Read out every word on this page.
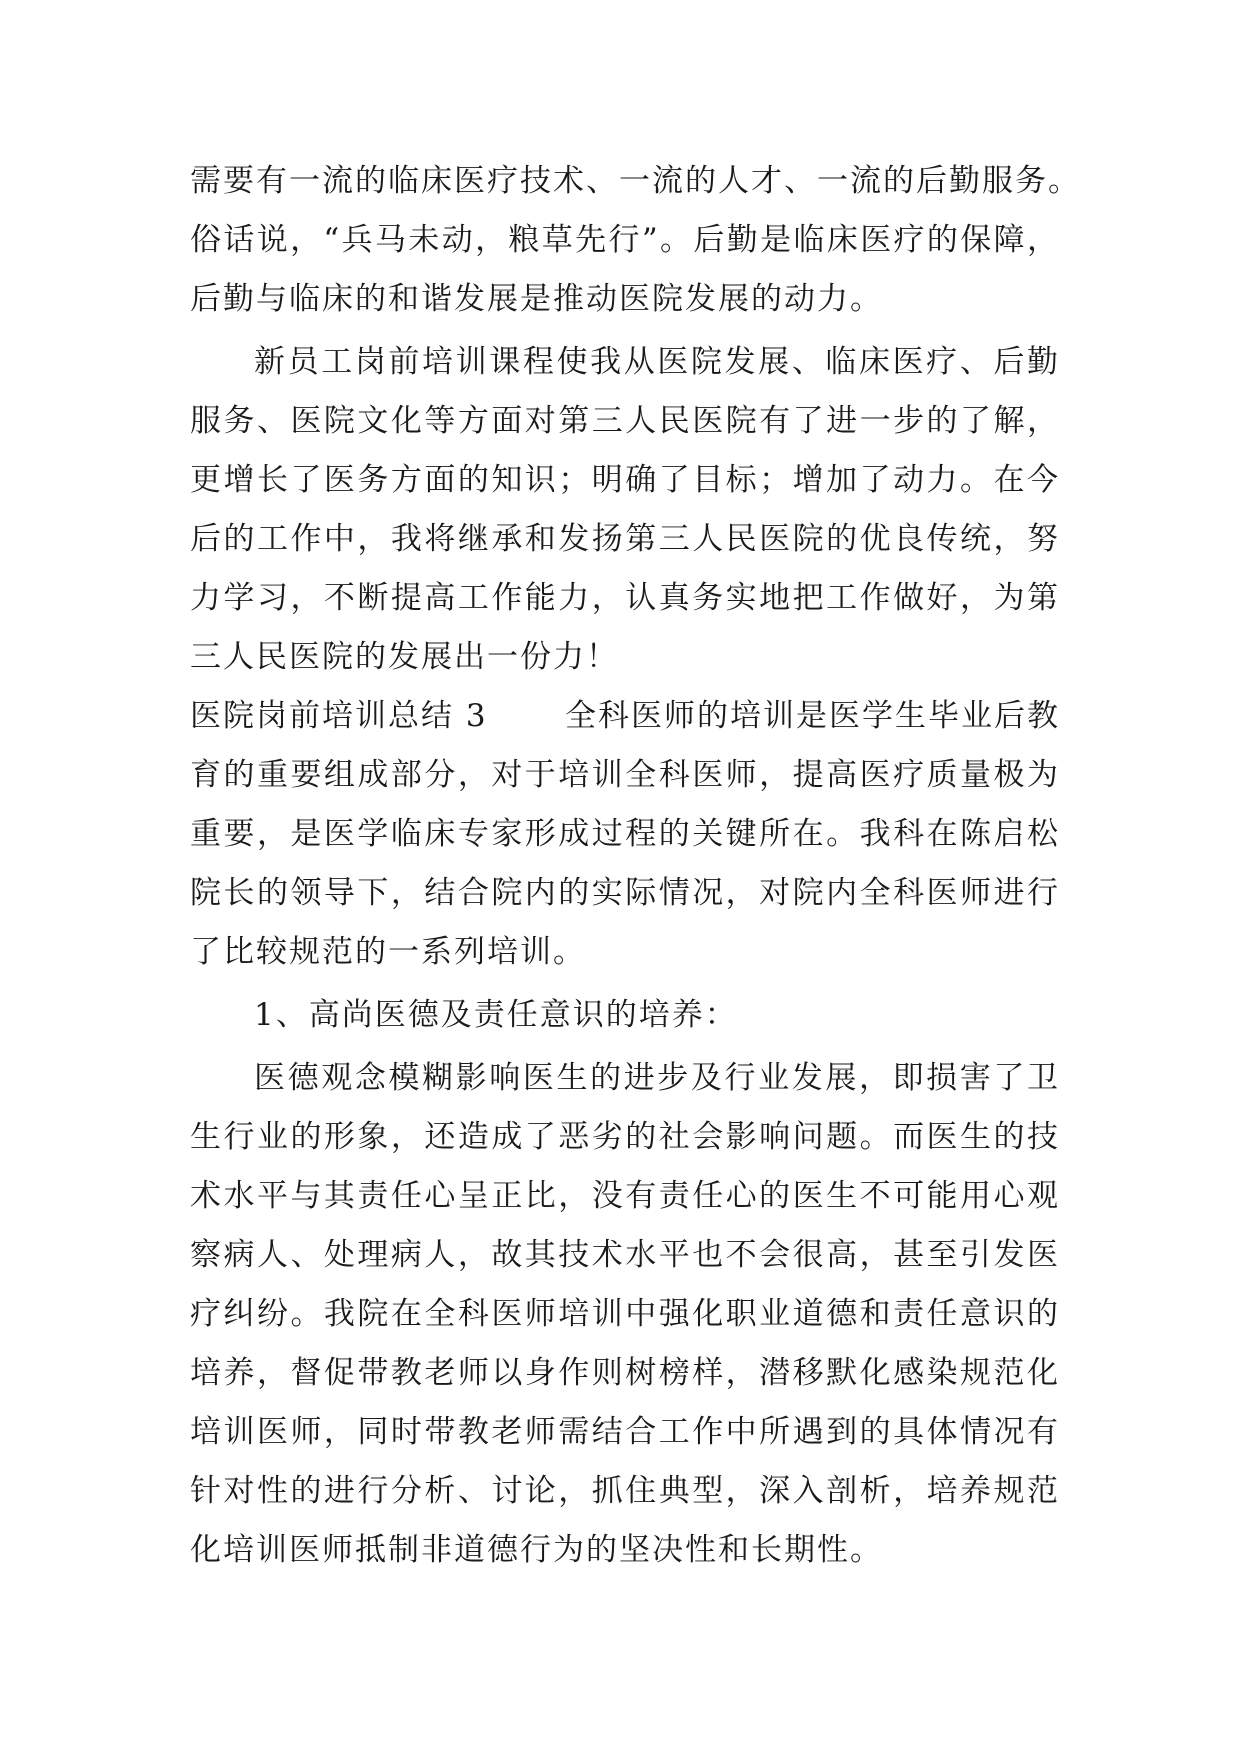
需要有一流的临床医疗技术、一流的人才、一流的后勤服务。
俗话说，“兵马未动，粮草先行”。后勤是临床医疗的保障，
后勤与临床的和谐发展是推动医院发展的动力。
新员工岗前培训课程使我从医院发展、临床医疗、后勤
服务、医院文化等方面对第三人民医院有了进一步的了解，
更增长了医务方面的知识；明确了目标；增加了动力。在今
后的工作中，我将继承和发扬第三人民医院的优良传统，努
力学习，不断提高工作能力，认真务实地把工作做好，为第
三人民医院的发展出一份力！
医院岗前培训总结 3 全科医师的培训是医学生毕业后教
育的重要组成部分，对于培训全科医师，提高医疗质量极为
重要，是医学临床专家形成过程的关键所在。我科在陈启松
院长的领导下，结合院内的实际情况，对院内全科医师进行
了比较规范的一系列培训。
1、高尚医德及责任意识的培养：
医德观念模糊影响医生的进步及行业发展，即损害了卫
生行业的形象，还造成了恶劣的社会影响问题。而医生的技
术水平与其责任心呈正比，没有责任心的医生不可能用心观
察病人、处理病人，故其技术水平也不会很高，甚至引发医
疗纠纷。我院在全科医师培训中强化职业道德和责任意识的
培养，督促带教老师以身作则树榜样，潜移默化感染规范化
培训医师，同时带教老师需结合工作中所遇到的具体情况有
针对性的进行分析、讨论，抓住典型，深入剖析，培养规范
化培训医师抵制非道德行为的坚决性和长期性。
